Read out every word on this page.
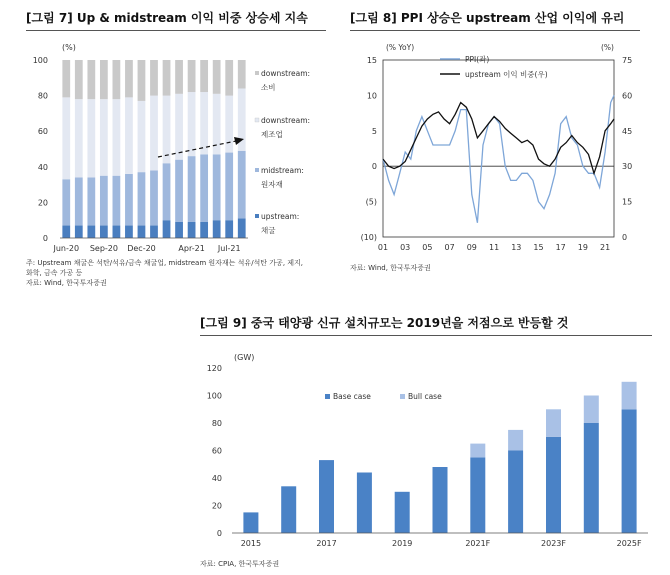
[그림 7] Up & midstream 이익 비중 상승세 지속	[그림 8] PPI 상승은 upstream 산업 이익에 유리
[그림 9] 중국 태양광 신규 설치규모는 2019년을 저점으로 반등할 것
주: Upstream 채굴은 석탄/석유/금속 채굴업, midstream 원자재는 석유/석탄 가공, 제지,
화학, 금속 가공 등
자료: Wind, 한국투자증권
자료: Wind, 한국투자증권
자료: CPIA, 한국투자증권
(%)
0
20
40
60
80
100
Jun-20 Sep-20 Dec-20	Apr-21 Jul-21
downstream:
소비
downstream:
제조업
midstream:
원자재
upstream:
채굴
(% YoY)	(%)
15
10
5
0
(5)
(10)
75
60
45
30
15
0
01 03 05 07 09 11 13 15 17 19 21
PPI(좌)
upstream 이익 비중(우)
(GW)
0
20
40
60
80
100
120
2015	2017	2019	2021F	2023F	2025F
Base case	Bull case
